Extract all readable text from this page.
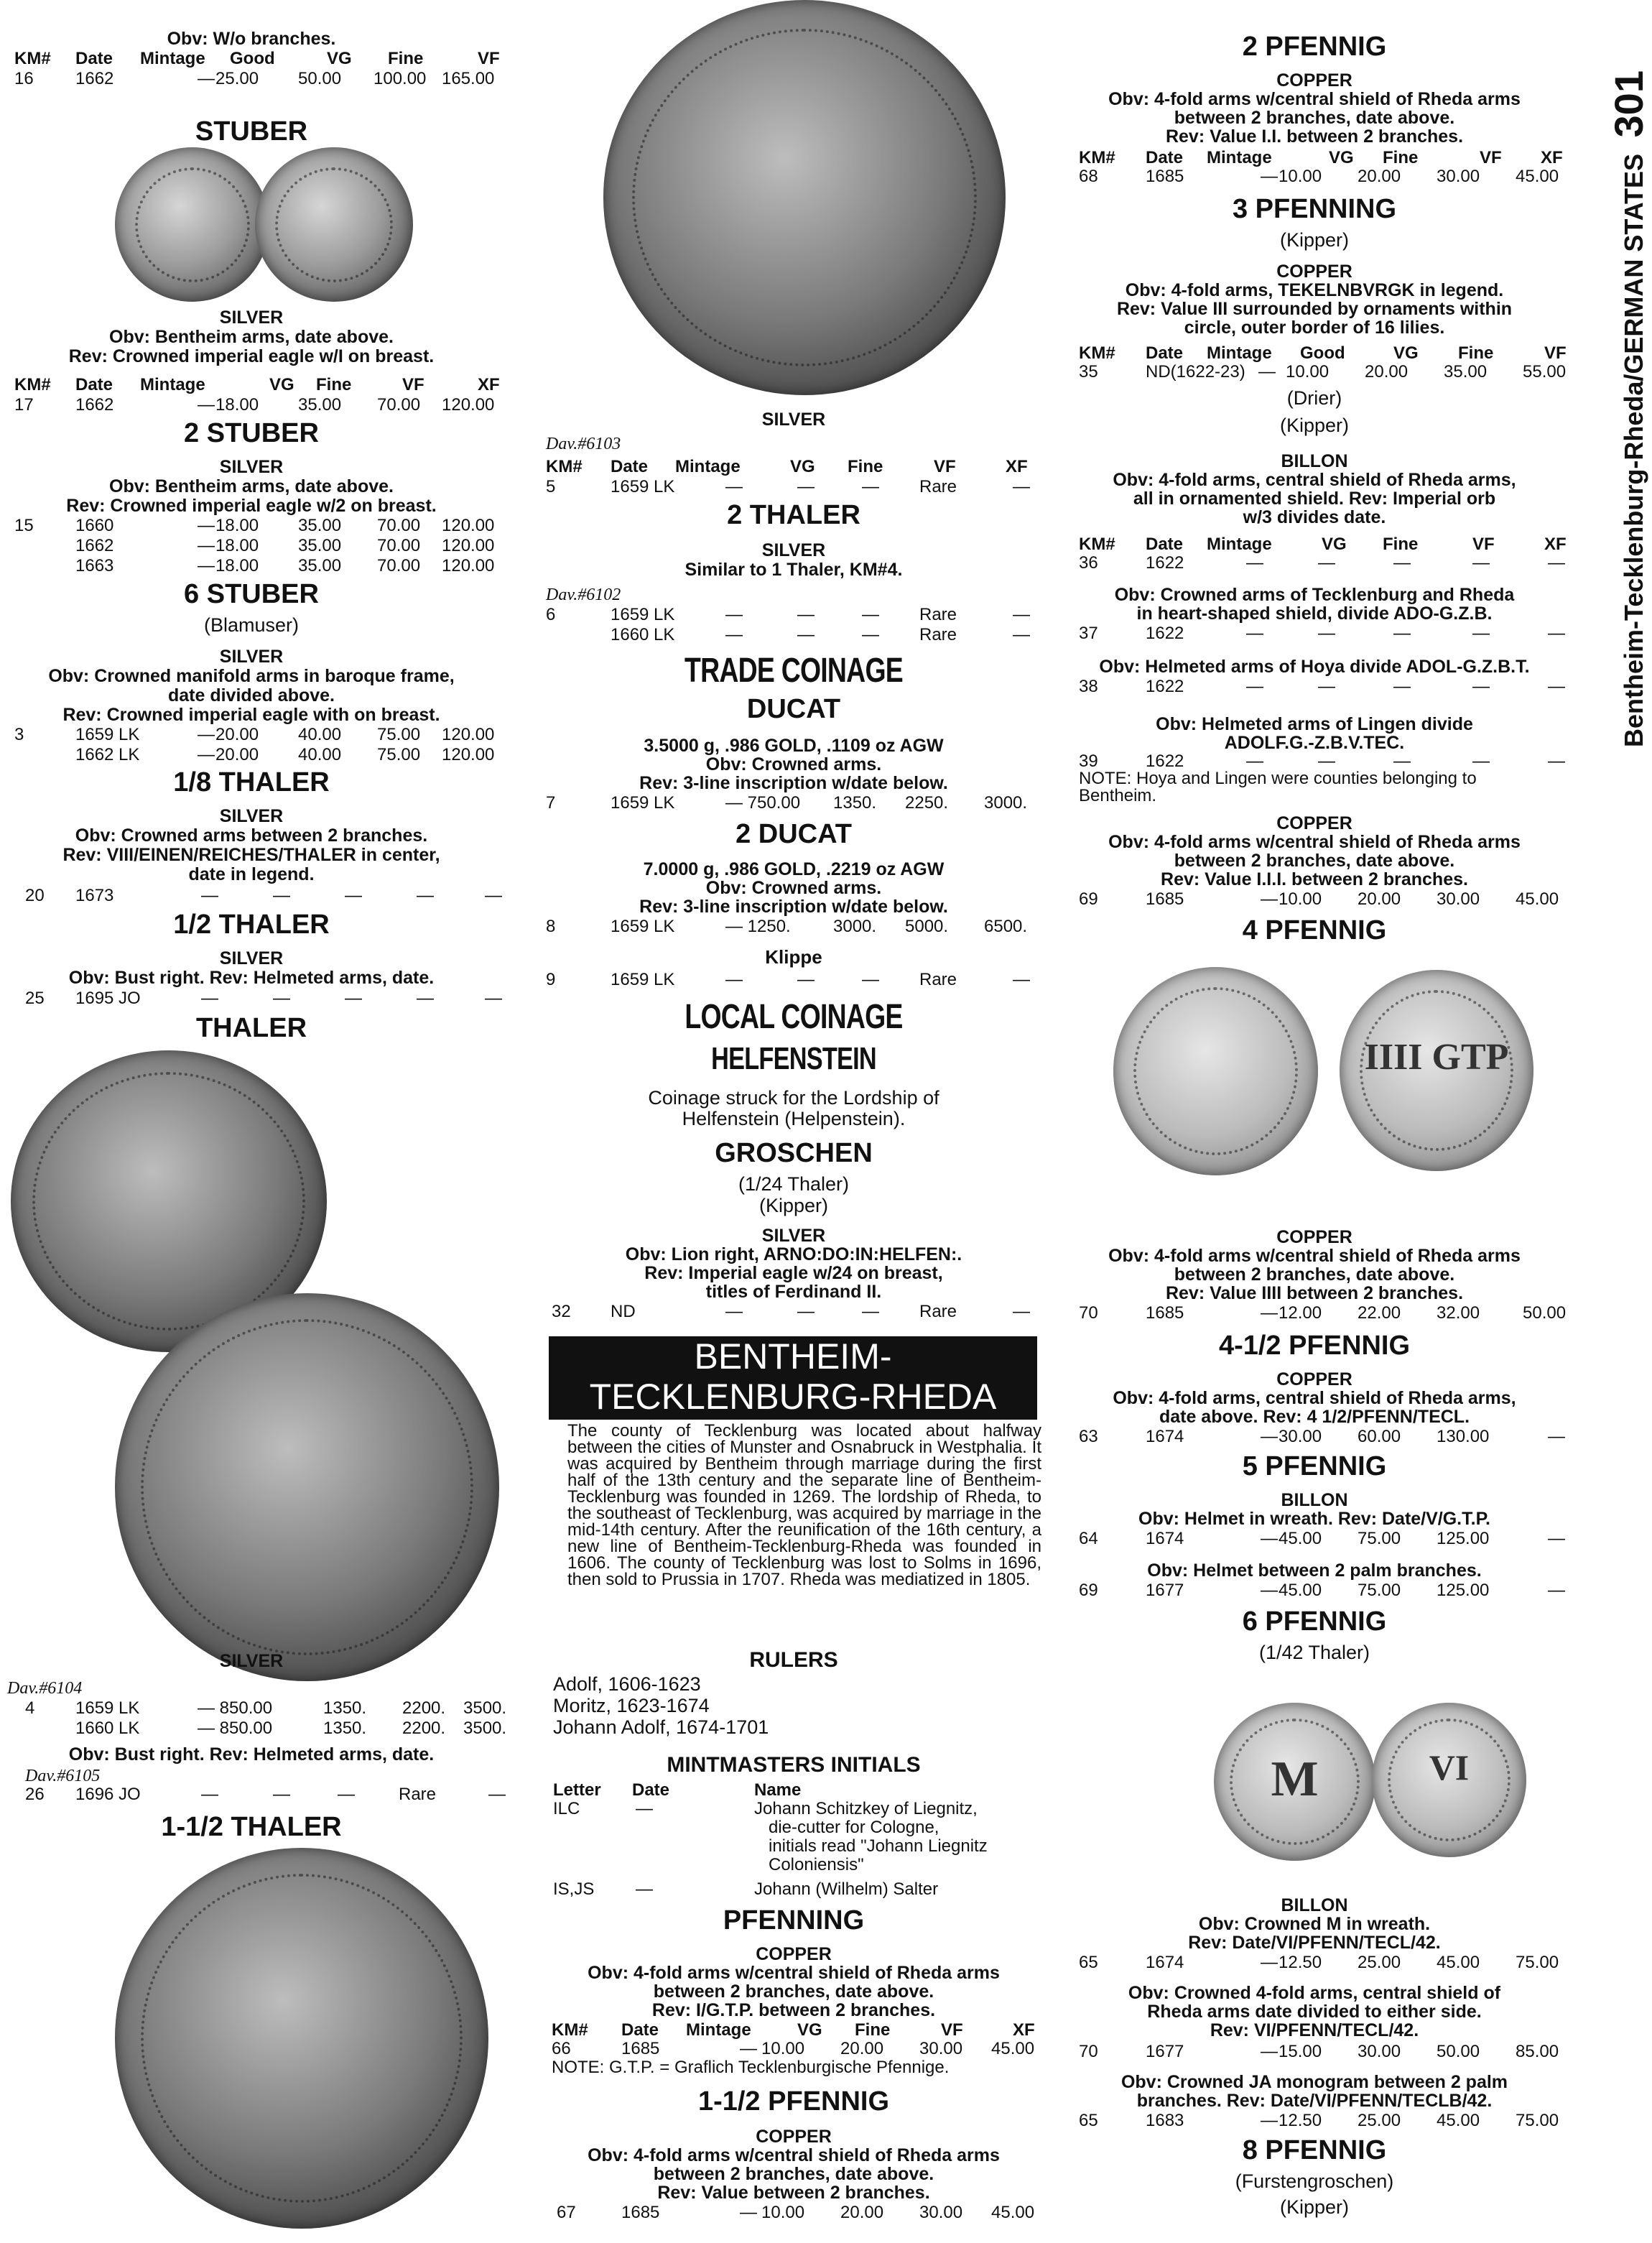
Bentheim-Tecklenburg-Rheda/GERMAN STATES 301
Obv: W/o branches.
KM# Date Mintage Good	VG Fine	VF
16 1662	— 25.00 50.00 100.00 165.00
STUBER
SILVER
Obv: Bentheim arms, date above.
Rev: Crowned imperial eagle w/I on breast.
KM# Date Mintage	VG Fine	VF	XF
17 1662	— 18.00 35.00 70.00 120.00
2 STUBER
SILVER
Obv: Bentheim arms, date above.
Rev: Crowned imperial eagle w/2 on breast.
15 1660	— 18.00 35.00 70.00 120.00
1662	— 18.00 35.00 70.00 120.00
1663	— 18.00 35.00 70.00 120.00
6 STUBER
(Blamuser)
SILVER
Obv: Crowned manifold arms in baroque frame,
date divided above.
Rev: Crowned imperial eagle with on breast.
3	1659 LK	— 20.00 40.00 75.00 120.00
1662 LK	— 20.00 40.00 75.00 120.00
1/8 THALER
SILVER
Obv: Crowned arms between 2 branches.
Rev: VIII/EINEN/REICHES/THALER in center,
date in legend.
20 1673	—	—	—	—	—
1/2 THALER
SILVER
Obv: Bust right. Rev: Helmeted arms, date.
25 1695 JO	—	—	—	—	—
THALER
SILVER
Dav.#6104
4 1659 LK	— 850.00	1350. 2200. 3500.
1660 LK	— 850.00	1350. 2200. 3500.
Obv: Bust right. Rev: Helmeted arms, date.
Dav.#6105
26 1696 JO	—	—	—	Rare	—
1-1/2 THALER
SILVER
Dav.#6103
KM# Date Mintage	VG Fine	VF	XF
5	1659 LK	—	—	— Rare	—
2 THALER
SILVER
Similar to 1 Thaler, KM#4.
Dav.#6102
6	1659 LK	—	—	— Rare	—
1660 LK	—	—	— Rare	—
TRADE COINAGE
DUCAT
3.5000 g, .986 GOLD, .1109 oz AGW
Obv: Crowned arms.
Rev: 3-line inscription w/date below.
7	1659 LK	— 750.00 1350. 2250. 3000.
2 DUCAT
7.0000 g, .986 GOLD, .2219 oz AGW
Obv: Crowned arms.
Rev: 3-line inscription w/date below.
8	1659 LK	— 1250. 3000. 5000. 6500.
Klippe
9	1659 LK	—	—	— Rare	—
LOCAL COINAGE
HELFENSTEIN
Coinage struck for the Lordship of
Helfenstein (Helpenstein).
GROSCHEN
(1/24 Thaler)
(Kipper)
SILVER
Obv: Lion right, ARNO:DO:IN:HELFEN:.
Rev: Imperial eagle w/24 on breast,
titles of Ferdinand II.
32 ND	—	—	— Rare	—
BENTHEIM-
TECKLENBURG-RHEDA
The county of Tecklenburg was located about halfway between the cities of Munster and Osnabruck in Westphalia. It was acquired by Bentheim through marriage during the first half of the 13th century and the separate line of Bentheim-Tecklenburg was founded in 1269. The lordship of Rheda, to the southeast of Tecklenburg, was acquired by marriage in the mid-14th century. After the reunification of the 16th century, a new line of Bentheim-Tecklenburg-Rheda was founded in 1606. The county of Tecklenburg was lost to Solms in 1696, then sold to Prussia in 1707. Rheda was mediatized in 1805.
RULERS
Adolf, 1606-1623
Moritz, 1623-1674
Johann Adolf, 1674-1701
MINTMASTERS INITIALS
Letter Date	Name
ILC	—	Johann Schitzkey of Liegnitz,
die-cutter for Cologne,
initials read "Johann Liegnitz
Coloniensis"
IS,JS —	Johann (Wilhelm) Salter
PFENNING
COPPER
Obv: 4-fold arms w/central shield of Rheda arms
between 2 branches, date above.
Rev: I/G.T.P. between 2 branches.
KM# Date Mintage	VG Fine	VF	XF
66	1685	— 10.00 20.00 30.00 45.00
NOTE: G.T.P. = Graflich Tecklenburgische Pfennige.
1-1/2 PFENNIG
COPPER
Obv: 4-fold arms w/central shield of Rheda arms
between 2 branches, date above.
Rev: Value between 2 branches.
67	1685	— 10.00 20.00 30.00 45.00
2 PFENNIG
COPPER
Obv: 4-fold arms w/central shield of Rheda arms
between 2 branches, date above.
Rev: Value I.I. between 2 branches.
KM# Date Mintage	VG Fine	VF XF
68	1685	— 10.00 20.00 30.00 45.00
3 PFENNING
(Kipper)
COPPER
Obv: 4-fold arms, TEKELNBVRGK in legend.
Rev: Value III surrounded by ornaments within
circle, outer border of 16 lilies.
KM# Date Mintage Good	VG Fine	VF
35	ND(1622-23) — 10.00 20.00 35.00 55.00
(Drier)
(Kipper)
BILLON
Obv: 4-fold arms, central shield of Rheda arms,
all in ornamented shield. Rev: Imperial orb
w/3 divides date.
KM# Date Mintage	VG Fine	VF	XF
36	1622	—	—	—	—	—
Obv: Crowned arms of Tecklenburg and Rheda
in heart-shaped shield, divide ADO-G.Z.B.
37	1622	—	—	—	—	—
Obv: Helmeted arms of Hoya divide ADOL-G.Z.B.T.
38	1622	—	—	—	—	—
Obv: Helmeted arms of Lingen divide
ADOLF.G.-Z.B.V.TEC.
39	1622	—	—	—	—	—
NOTE: Hoya and Lingen were counties belonging to
Bentheim.
COPPER
Obv: 4-fold arms w/central shield of Rheda arms
between 2 branches, date above.
Rev: Value I.I.I. between 2 branches.
69	1685	— 10.00 20.00 30.00 45.00
4 PFENNIG
IIII GTP
COPPER
Obv: 4-fold arms w/central shield of Rheda arms
between 2 branches, date above.
Rev: Value IIII between 2 branches.
70	1685	— 12.00 22.00 32.00 50.00
4-1/2 PFENNIG
COPPER
Obv: 4-fold arms, central shield of Rheda arms,
date above. Rev: 4 1/2/PFENN/TECL.
63	1674	— 30.00 60.00 130.00	—
5 PFENNIG
BILLON
Obv: Helmet in wreath. Rev: Date/V/G.T.P.
64	1674	— 45.00 75.00 125.00	—
Obv: Helmet between 2 palm branches.
69	1677	— 45.00 75.00 125.00	—
6 PFENNIG
(1/42 Thaler)
M	VI
BILLON
Obv: Crowned M in wreath.
Rev: Date/VI/PFENN/TECL/42.
65	1674	— 12.50 25.00 45.00 75.00
Obv: Crowned 4-fold arms, central shield of
Rheda arms date divided to either side.
Rev: VI/PFENN/TECL/42.
70	1677	— 15.00 30.00 50.00 85.00
Obv: Crowned JA monogram between 2 palm
branches. Rev: Date/VI/PFENN/TECLB/42.
65	1683	— 12.50 25.00 45.00 75.00
8 PFENNIG
(Furstengroschen)
(Kipper)
